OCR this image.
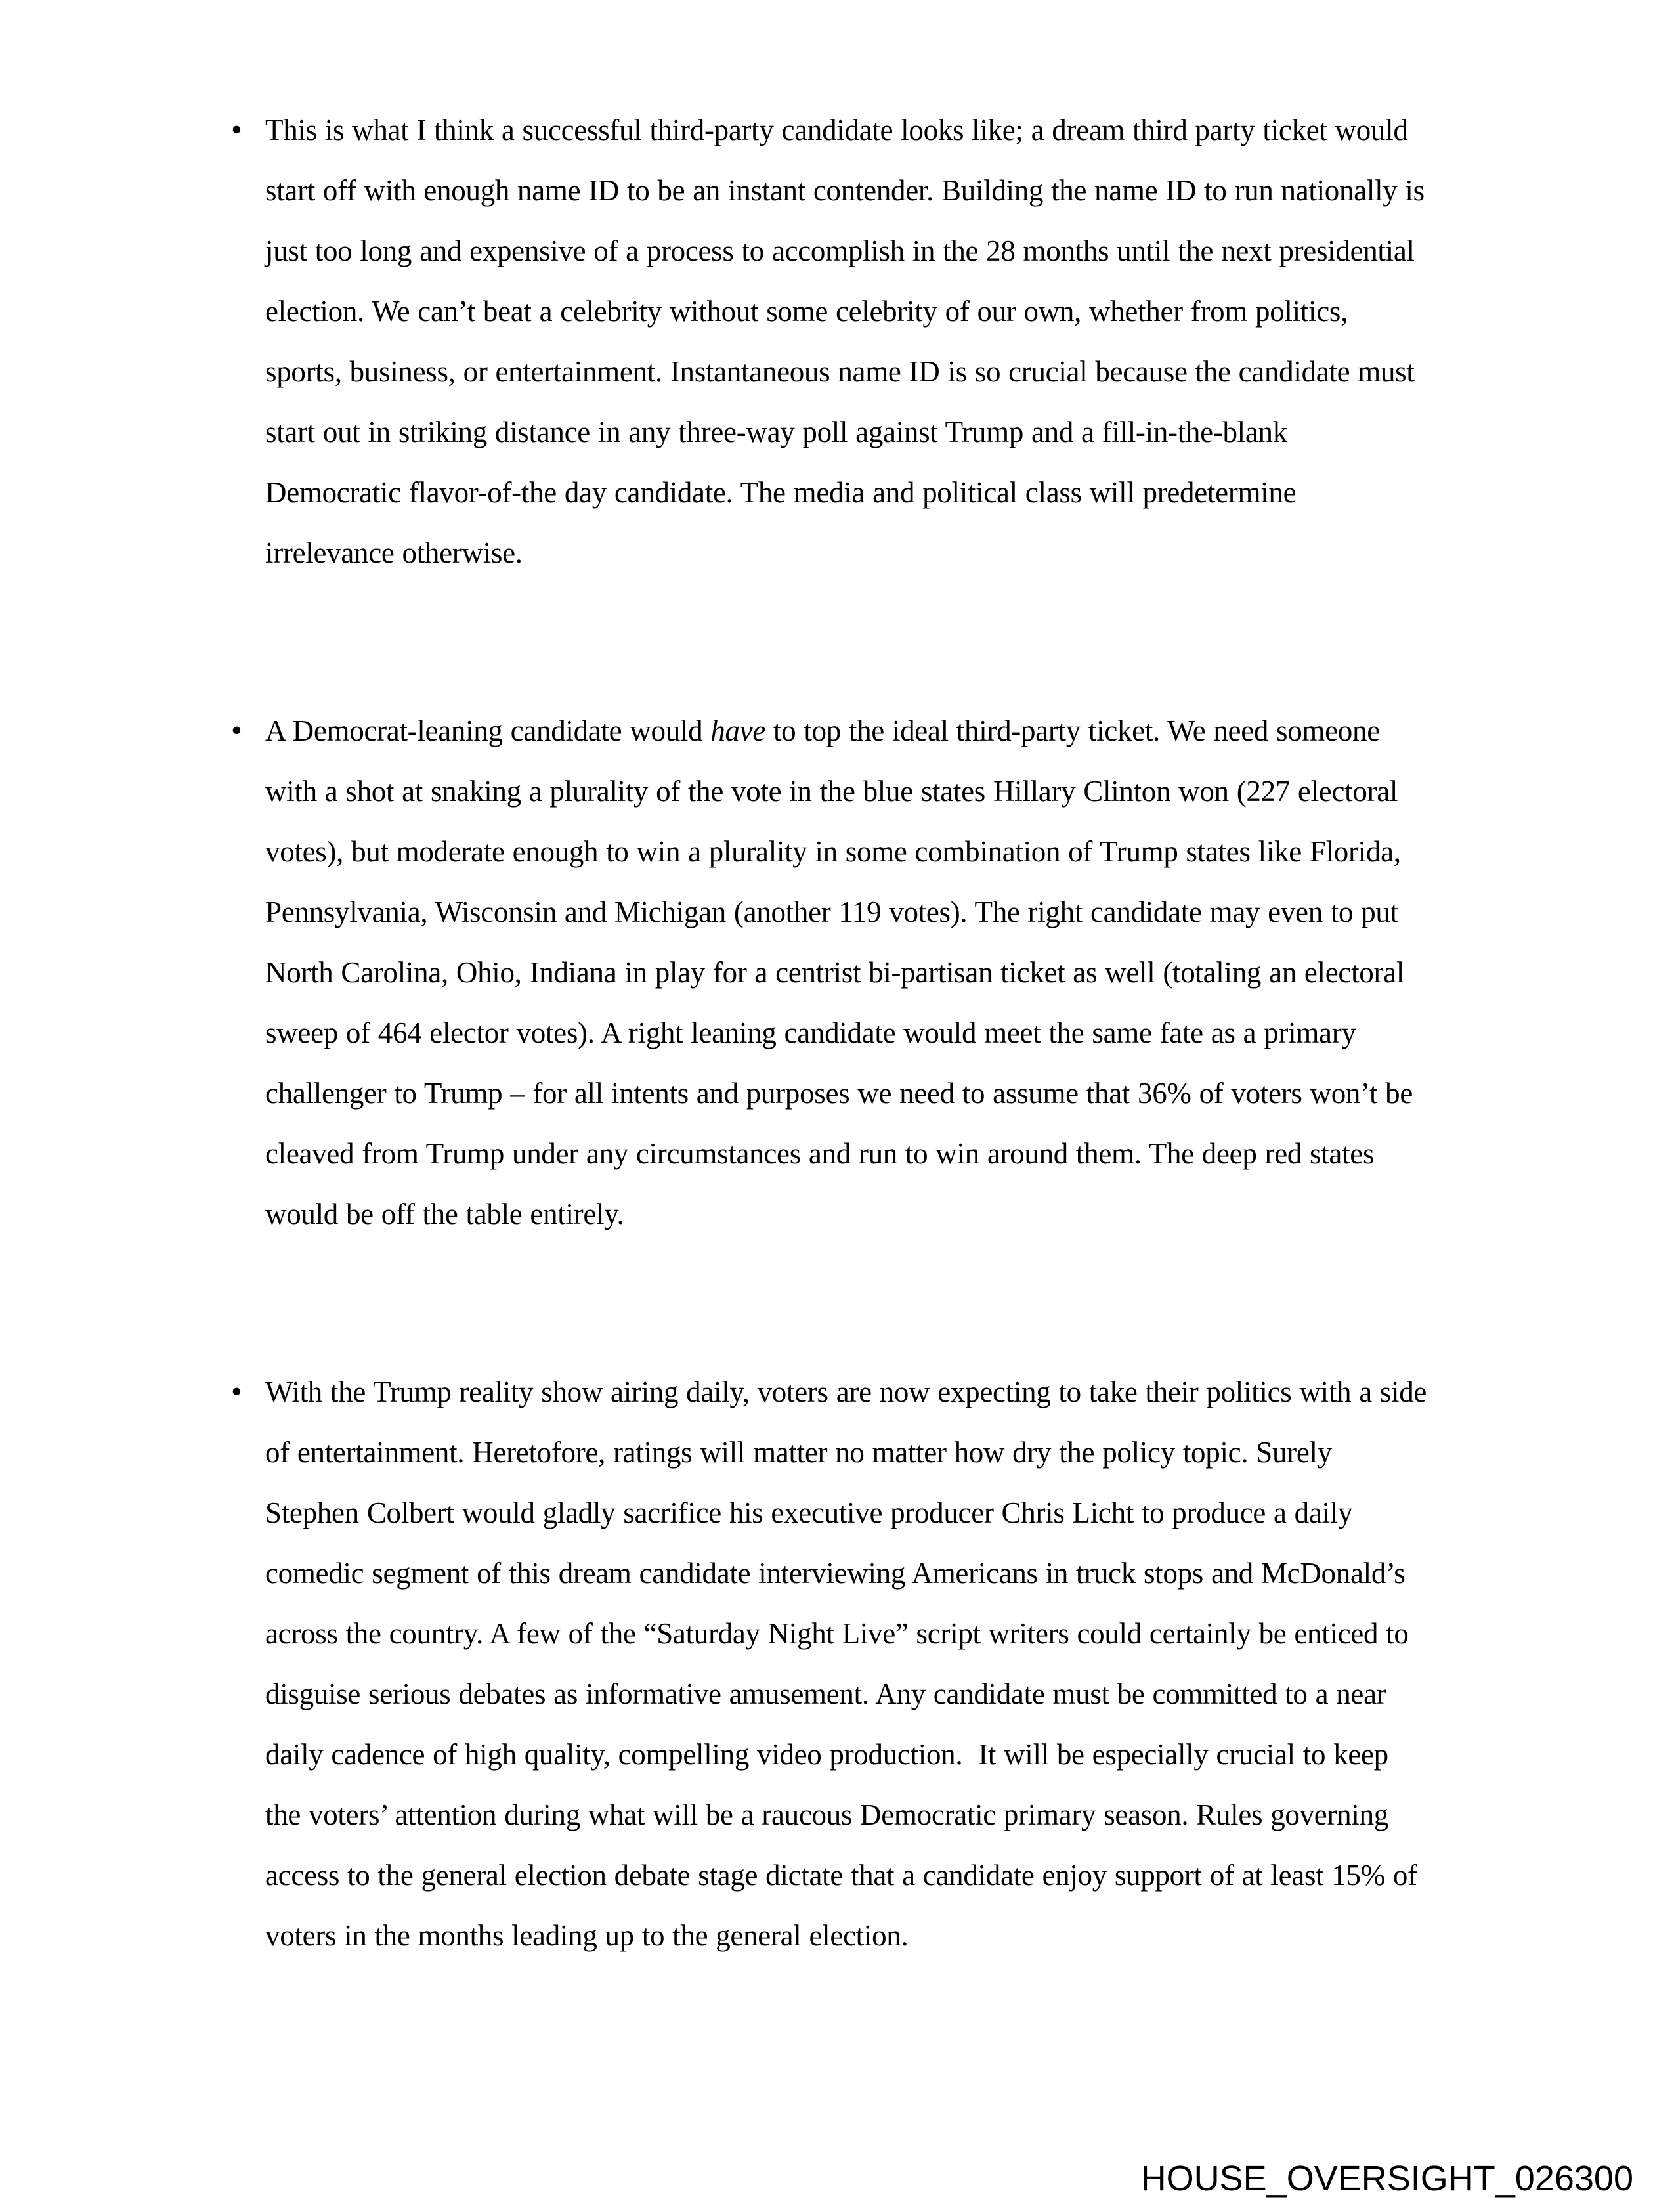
• This is what I think a successful third-party candidate looks like; a dream third party ticket would
start off with enough name ID to be an instant contender. Building the name ID to run nationally is
just too long and expensive of a process to accomplish in the 28 months until the next presidential
election. We can’t beat a celebrity without some celebrity of our own, whether from politics,
sports, business, or entertainment. Instantaneous name ID is so crucial because the candidate must
start out in striking distance in any three-way poll against Trump and a fill-in-the-blank
Democratic flavor-of-the day candidate. The media and political class will predetermine
irrelevance otherwise.
• A Democrat-leaning candidate would have to top the ideal third-party ticket. We need someone
with a shot at snaking a plurality of the vote in the blue states Hillary Clinton won (227 electoral
votes), but moderate enough to win a plurality in some combination of Trump states like Florida,
Pennsylvania, Wisconsin and Michigan (another 119 votes). The right candidate may even to put
North Carolina, Ohio, Indiana in play for a centrist bi-partisan ticket as well (totaling an electoral
sweep of 464 elector votes). A right leaning candidate would meet the same fate as a primary
challenger to Trump – for all intents and purposes we need to assume that 36% of voters won’t be
cleaved from Trump under any circumstances and run to win around them. The deep red states
would be off the table entirely.
• With the Trump reality show airing daily, voters are now expecting to take their politics with a side
of entertainment. Heretofore, ratings will matter no matter how dry the policy topic. Surely
Stephen Colbert would gladly sacrifice his executive producer Chris Licht to produce a daily
comedic segment of this dream candidate interviewing Americans in truck stops and McDonald’s
across the country. A few of the “Saturday Night Live” script writers could certainly be enticed to
disguise serious debates as informative amusement. Any candidate must be committed to a near
daily cadence of high quality, compelling video production.  It will be especially crucial to keep
the voters’ attention during what will be a raucous Democratic primary season. Rules governing
access to the general election debate stage dictate that a candidate enjoy support of at least 15% of
voters in the months leading up to the general election.
HOUSE_OVERSIGHT_026300
